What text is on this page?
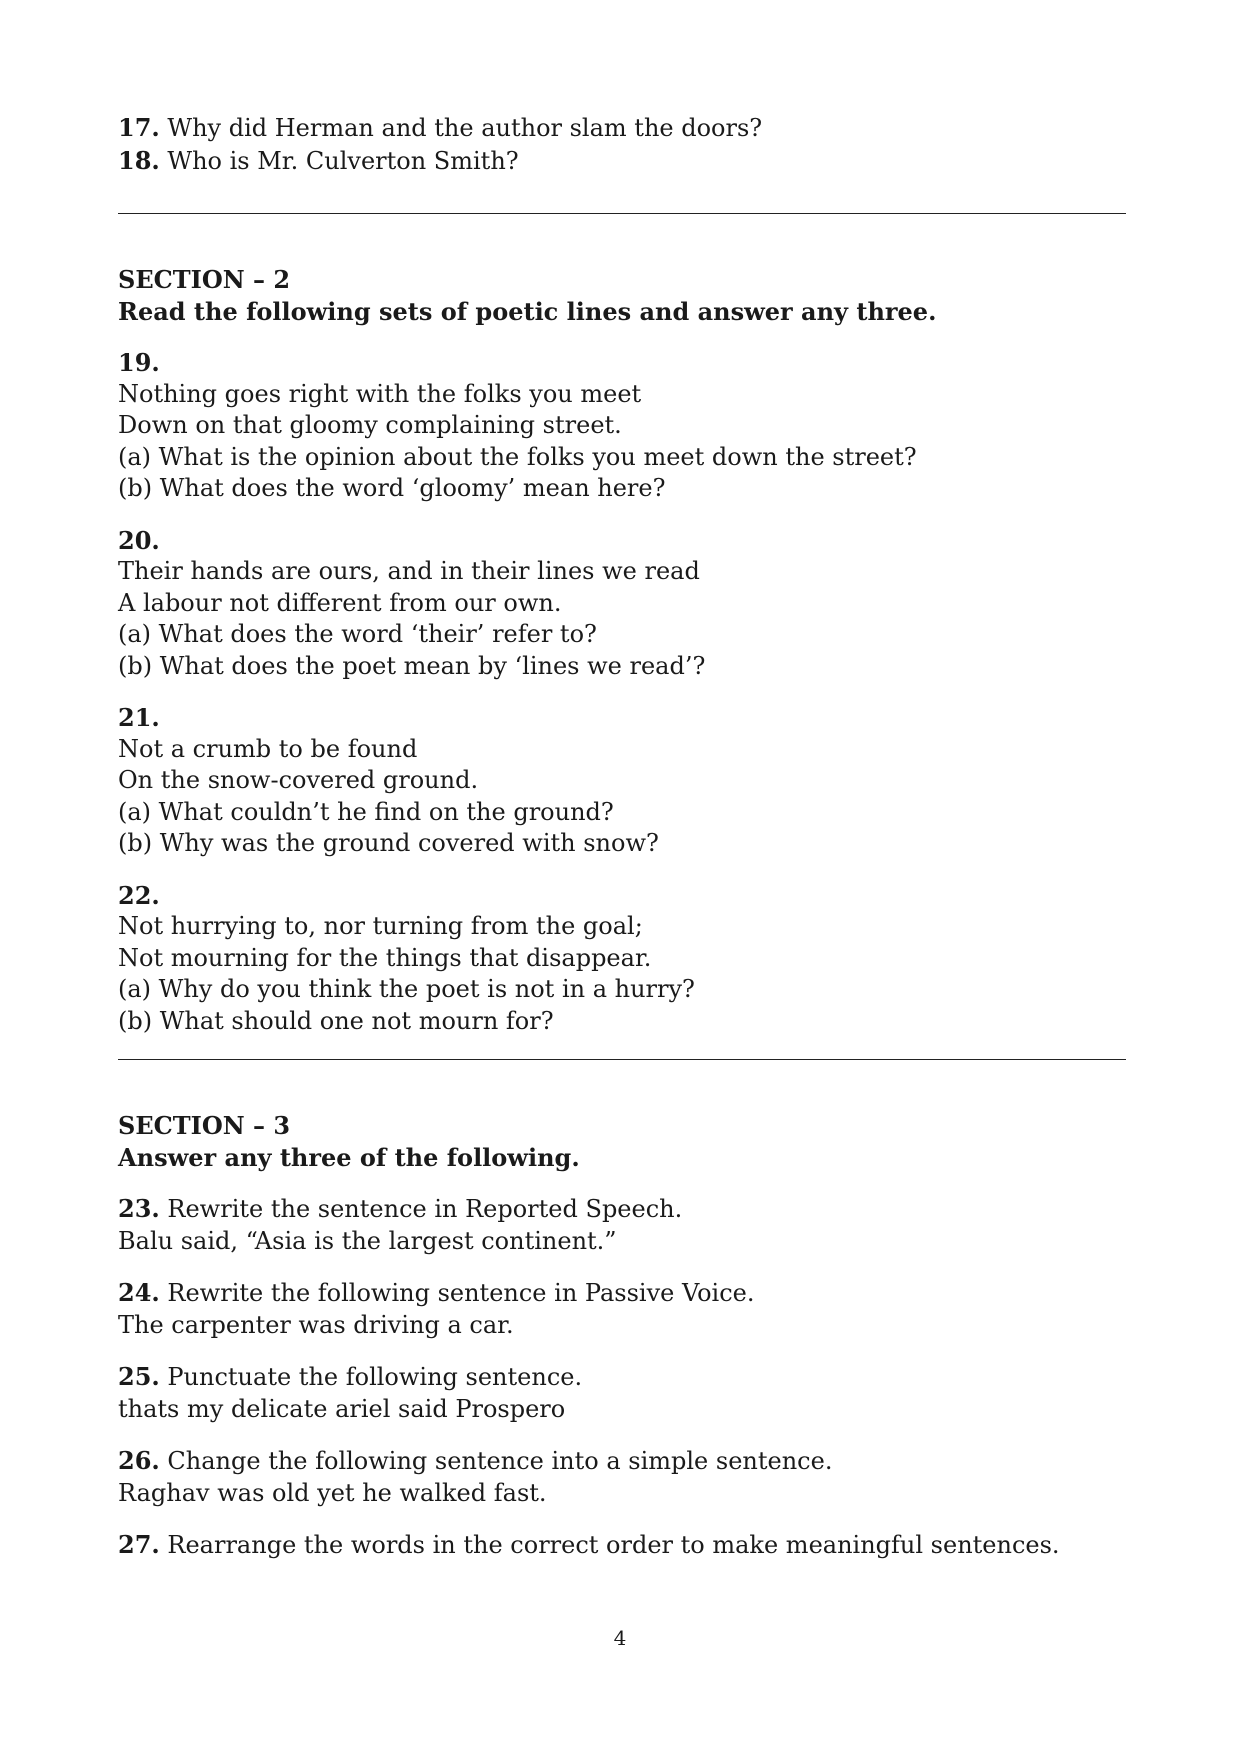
17. Why did Herman and the author slam the doors?
18. Who is Mr. Culverton Smith?
SECTION – 2
Read the following sets of poetic lines and answer any three.
19.
Nothing goes right with the folks you meet
Down on that gloomy complaining street.
(a) What is the opinion about the folks you meet down the street?
(b) What does the word ‘gloomy’ mean here?
20.
Their hands are ours, and in their lines we read
A labour not different from our own.
(a) What does the word ‘their’ refer to?
(b) What does the poet mean by ‘lines we read’?
21.
Not a crumb to be found
On the snow-covered ground.
(a) What couldn’t he find on the ground?
(b) Why was the ground covered with snow?
22.
Not hurrying to, nor turning from the goal;
Not mourning for the things that disappear.
(a) Why do you think the poet is not in a hurry?
(b) What should one not mourn for?
SECTION – 3
Answer any three of the following.
23. Rewrite the sentence in Reported Speech.
Balu said, “Asia is the largest continent.”
24. Rewrite the following sentence in Passive Voice.
The carpenter was driving a car.
25. Punctuate the following sentence.
thats my delicate ariel said Prospero
26. Change the following sentence into a simple sentence.
Raghav was old yet he walked fast.
27. Rearrange the words in the correct order to make meaningful sentences.
4
